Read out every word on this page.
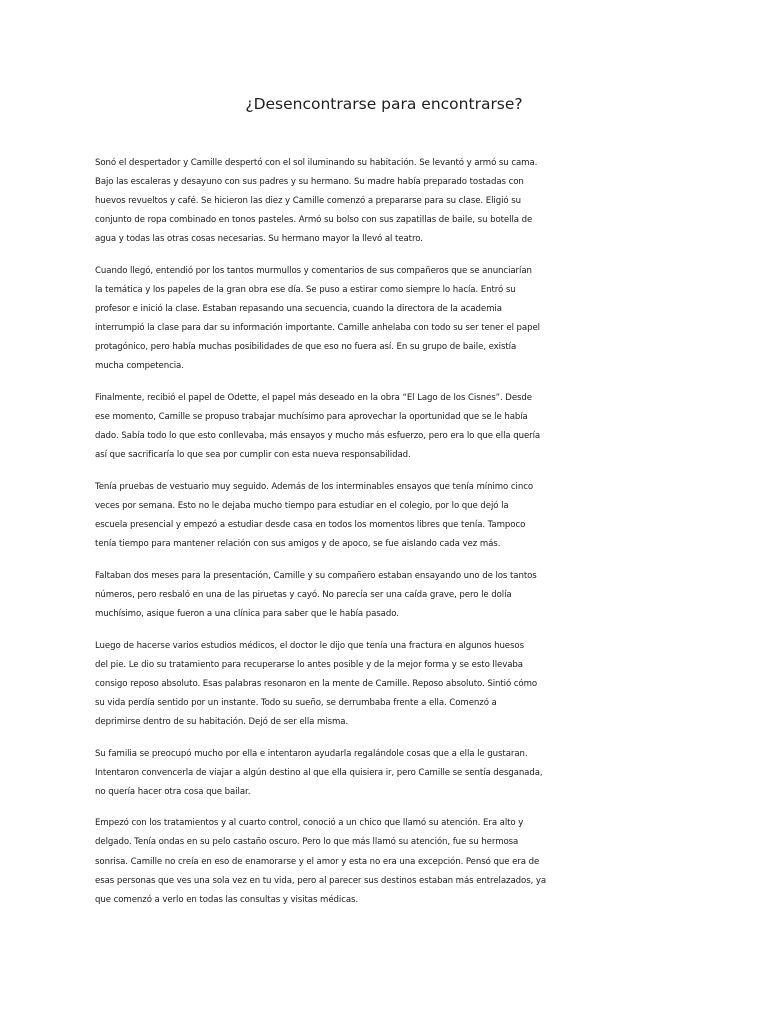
¿Desencontrarse para encontrarse?

Sonó el despertador y Camille despertó con el sol iluminando su habitación. Se levantó y armó su cama.
Bajo las escaleras y desayuno con sus padres y su hermano. Su madre había preparado tostadas con
huevos revueltos y café. Se hicieron las diez y Camille comenzó a prepararse para su clase. Eligió su
conjunto de ropa combinado en tonos pasteles. Armó su bolso con sus zapatillas de baile, su botella de
agua y todas las otras cosas necesarias. Su hermano mayor la llevó al teatro.

Cuando llegó, entendió por los tantos murmullos y comentarios de sus compañeros que se anunciarían
la temática y los papeles de la gran obra ese día. Se puso a estirar como siempre lo hacía. Entró su
profesor e inició la clase. Estaban repasando una secuencia, cuando la directora de la academia
interrumpió la clase para dar su información importante. Camille anhelaba con todo su ser tener el papel
protagónico, pero había muchas posibilidades de que eso no fuera así. En su grupo de baile, existía
mucha competencia.

Finalmente, recibió el papel de Odette, el papel más deseado en la obra “El Lago de los Cisnes”. Desde
ese momento, Camille se propuso trabajar muchísimo para aprovechar la oportunidad que se le había
dado. Sabía todo lo que esto conllevaba, más ensayos y mucho más esfuerzo, pero era lo que ella quería
así que sacrificaría lo que sea por cumplir con esta nueva responsabilidad.

Tenía pruebas de vestuario muy seguido. Además de los interminables ensayos que tenía mínimo cinco
veces por semana. Esto no le dejaba mucho tiempo para estudiar en el colegio, por lo que dejó la
escuela presencial y empezó a estudiar desde casa en todos los momentos libres que tenía. Tampoco
tenía tiempo para mantener relación con sus amigos y de apoco, se fue aislando cada vez más.

Faltaban dos meses para la presentación, Camille y su compañero estaban ensayando uno de los tantos
números, pero resbaló en una de las piruetas y cayó. No parecía ser una caída grave, pero le dolía
muchísimo, asique fueron a una clínica para saber que le había pasado.

Luego de hacerse varios estudios médicos, el doctor le dijo que tenía una fractura en algunos huesos
del pie. Le dio su tratamiento para recuperarse lo antes posible y de la mejor forma y se esto llevaba
consigo reposo absoluto. Esas palabras resonaron en la mente de Camille. Reposo absoluto. Sintió cómo
su vida perdía sentido por un instante. Todo su sueño, se derrumbaba frente a ella. Comenzó a
deprimirse dentro de su habitación. Dejó de ser ella misma.

Su familia se preocupó mucho por ella e intentaron ayudarla regalándole cosas que a ella le gustaran.
Intentaron convencerla de viajar a algún destino al que ella quisiera ir, pero Camille se sentía desganada,
no quería hacer otra cosa que bailar.

Empezó con los tratamientos y al cuarto control, conoció a un chico que llamó su atención. Era alto y
delgado. Tenía ondas en su pelo castaño oscuro. Pero lo que más llamó su atención, fue su hermosa
sonrisa. Camille no creía en eso de enamorarse y el amor y esta no era una excepción. Pensó que era de
esas personas que ves una sola vez en tu vida, pero al parecer sus destinos estaban más entrelazados, ya
que comenzó a verlo en todas las consultas y visitas médicas.
